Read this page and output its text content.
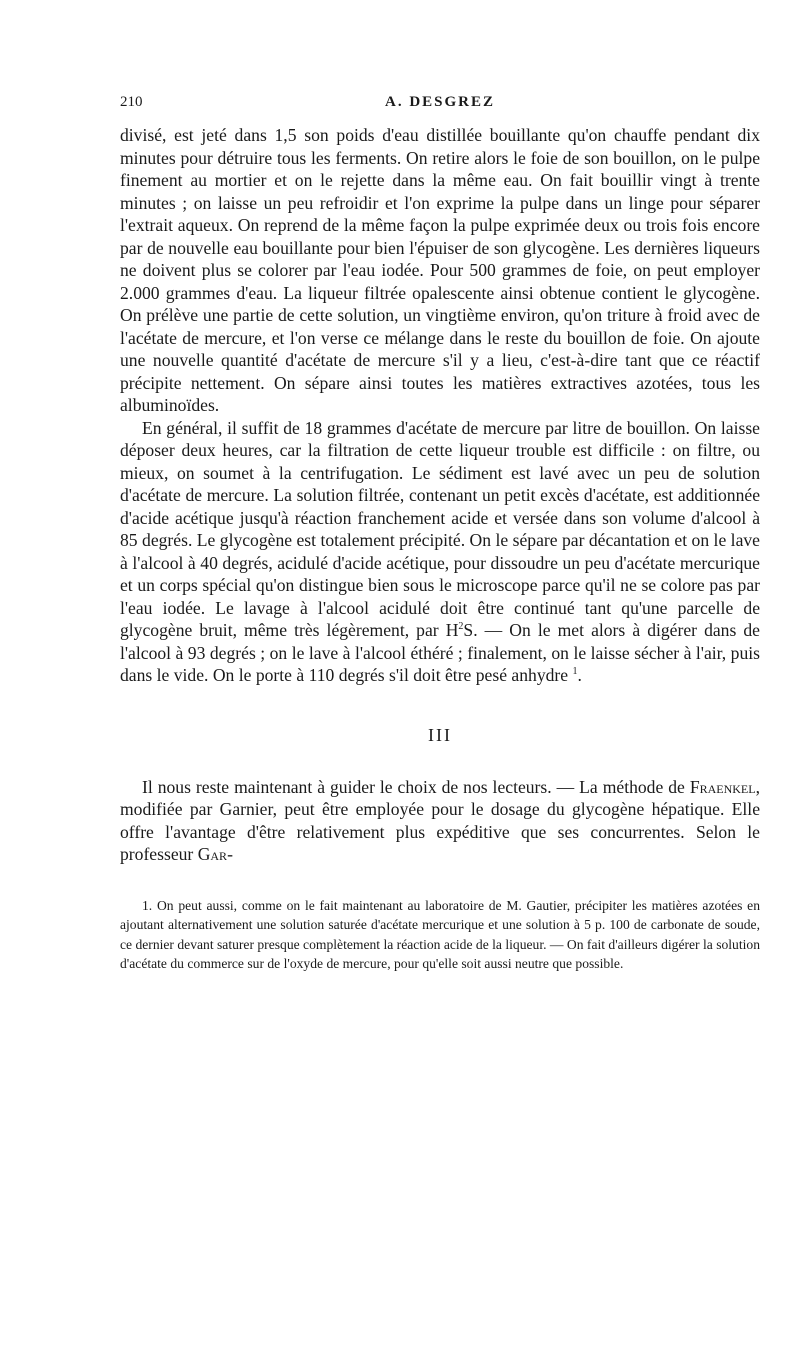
210	A. DESGREZ

divisé, est jeté dans 1,5 son poids d'eau distillée bouillante qu'on chauffe pendant dix minutes pour détruire tous les ferments. On retire alors le foie de son bouillon, on le pulpe finement au mortier et on le rejette dans la même eau. On fait bouillir vingt à trente minutes ; on laisse un peu refroidir et l'on exprime la pulpe dans un linge pour séparer l'extrait aqueux. On reprend de la même façon la pulpe exprimée deux ou trois fois encore par de nouvelle eau bouillante pour bien l'épuiser de son glycogène. Les dernières liqueurs ne doivent plus se colorer par l'eau iodée. Pour 500 grammes de foie, on peut employer 2.000 grammes d'eau. La liqueur filtrée opalescente ainsi obtenue contient le glycogène. On prélève une partie de cette solution, un vingtième environ, qu'on triture à froid avec de l'acétate de mercure, et l'on verse ce mélange dans le reste du bouillon de foie. On ajoute une nouvelle quantité d'acétate de mercure s'il y a lieu, c'est-à-dire tant que ce réactif précipite nettement. On sépare ainsi toutes les matières extractives azotées, tous les albuminoïdes.

En général, il suffit de 18 grammes d'acétate de mercure par litre de bouillon. On laisse déposer deux heures, car la filtration de cette liqueur trouble est difficile : on filtre, ou mieux, on soumet à la centrifugation. Le sédiment est lavé avec un peu de solution d'acétate de mercure. La solution filtrée, contenant un petit excès d'acétate, est additionnée d'acide acétique jusqu'à réaction franchement acide et versée dans son volume d'alcool à 85 degrés. Le glycogène est totalement précipité. On le sépare par décantation et on le lave à l'alcool à 40 degrés, acidulé d'acide acétique, pour dissoudre un peu d'acétate mercurique et un corps spécial qu'on distingue bien sous le microscope parce qu'il ne se colore pas par l'eau iodée. Le lavage à l'alcool acidulé doit être continué tant qu'une parcelle de glycogène bruit, même très légèrement, par $H^2S$. — On le met alors à digérer dans de l'alcool à 93 degrés ; on le lave à l'alcool éthéré ; finalement, on le laisse sécher à l'air, puis dans le vide. On le porte à 110 degrés s'il doit être pesé anhydre $^1$.

III

Il nous reste maintenant à guider le choix de nos lecteurs. — La méthode de Fraenkel, modifiée par Garnier, peut être employée pour le dosage du glycogène hépatique. Elle offre l'avantage d'être relativement plus expéditive que ses concurrentes. Selon le professeur Gar-

1. On peut aussi, comme on le fait maintenant au laboratoire de M. Gautier, précipiter les matières azotées en ajoutant alternativement une solution saturée d'acétate mercurique et une solution à 5 p. 100 de carbonate de soude, ce dernier devant saturer presque complètement la réaction acide de la liqueur. — On fait d'ailleurs digérer la solution d'acétate du commerce sur de l'oxyde de mercure, pour qu'elle soit aussi neutre que possible.
